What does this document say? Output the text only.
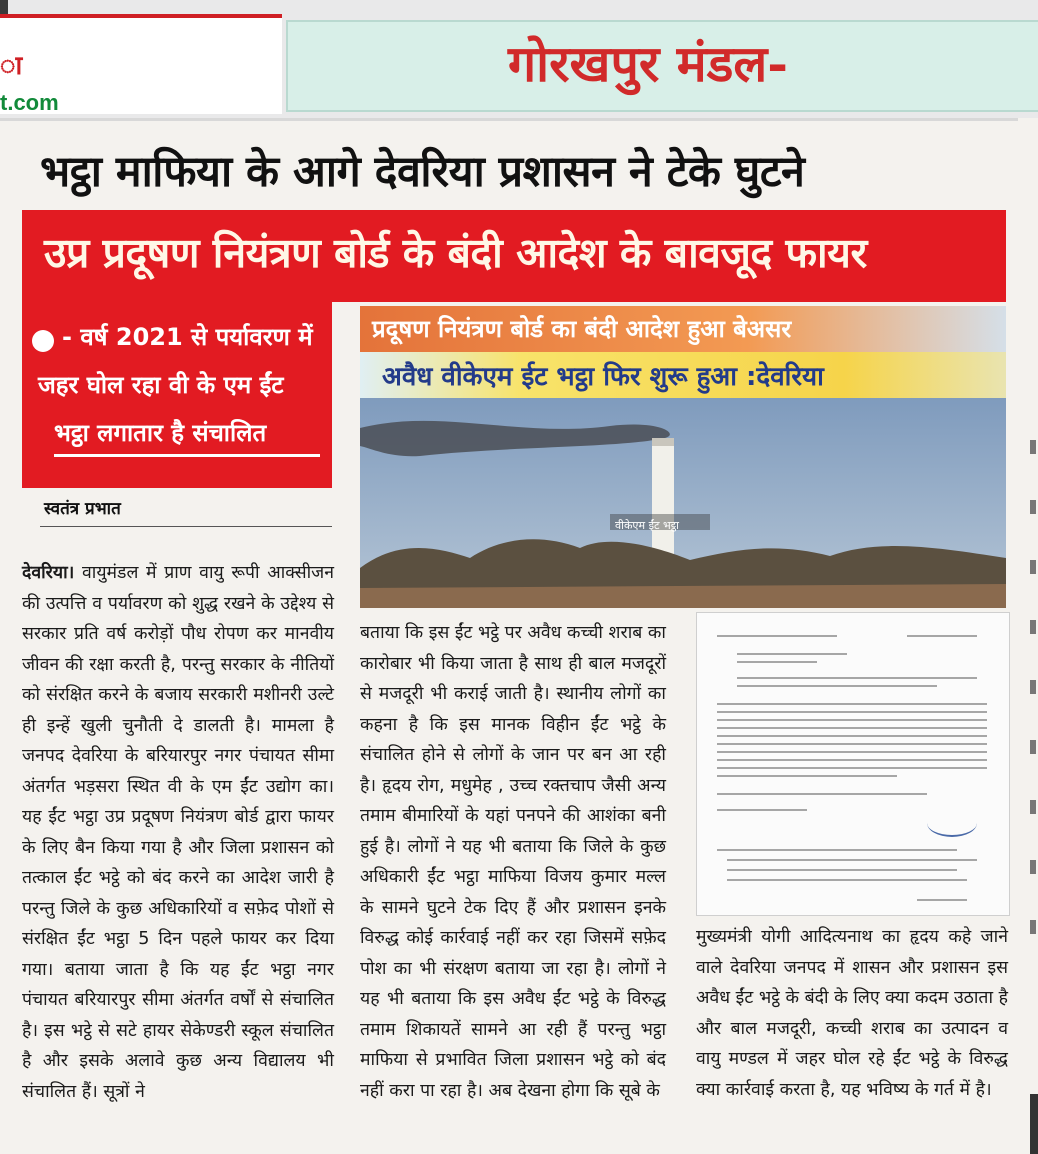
ा
t.com
गोरखपुर मंडल-
भट्ठा माफिया के आगे देवरिया प्रशासन ने टेके घुटने
उप्र प्रदूषण नियंत्रण बोर्ड के बंदी आदेश के बावजूद फायर
- वर्ष 2021 से पर्यावरण में
जहर घोल रहा वी के एम ईंट
भट्ठा लगातार है संचालित
स्वतंत्र प्रभात
प्रदूषण नियंत्रण बोर्ड का बंदी आदेश हुआ बेअसर
अवैध वीकेएम ईट भट्ठा फिर शुरू हुआ :देवरिया
वीकेएम ईंट भट्ठा
देवरिया। वायुमंडल में प्राण वायु रूपी आक्सीजन की उत्पत्ति व पर्यावरण को शुद्ध रखने के उद्देश्य से सरकार प्रति वर्ष करोड़ों पौध रोपण कर मानवीय जीवन की रक्षा करती है, परन्तु सरकार के नीतियों को संरक्षित करने के बजाय सरकारी मशीनरी उल्टे ही इन्हें खुली चुनौती दे डालती है। मामला है जनपद देवरिया के बरियारपुर नगर पंचायत सीमा अंतर्गत भड़सरा स्थित वी के एम ईंट उद्योग का। यह ईंट भट्ठा उप्र प्रदूषण नियंत्रण बोर्ड द्वारा फायर के लिए बैन किया गया है और जिला प्रशासन को तत्काल ईंट भट्ठे को बंद करने का आदेश जारी है परन्तु जिले के कुछ अधिकारियों व सफ़ेद पोशों से संरक्षित ईंट भट्ठा 5 दिन पहले फायर कर दिया गया। बताया जाता है कि यह ईंट भट्ठा नगर पंचायत बरियारपुर सीमा अंतर्गत वर्षों से संचालित है। इस भट्ठे से सटे हायर सेकेण्डरी स्कूल संचालित है और इसके अलावे कुछ अन्य विद्यालय भी संचालित हैं। सूत्रों ने
बताया कि इस ईंट भट्ठे पर अवैध कच्ची शराब का कारोबार भी किया जाता है साथ ही बाल मजदूरों से मजदूरी भी कराई जाती है। स्थानीय लोगों का कहना है कि इस मानक विहीन ईंट भट्ठे के संचालित होने से लोगों के जान पर बन आ रही है। हृदय रोग, मधुमेह , उच्च रक्तचाप जैसी अन्य तमाम बीमारियों के यहां पनपने की आशंका बनी हुई है। लोगों ने यह भी बताया कि जिले के कुछ अधिकारी ईंट भट्ठा माफिया विजय कुमार मल्ल के सामने घुटने टेक दिए हैं और प्रशासन इनके विरुद्ध कोई कार्रवाई नहीं कर रहा जिसमें सफ़ेद पोश का भी संरक्षण बताया जा रहा है। लोगों ने यह भी बताया कि इस अवैध ईंट भट्ठे के विरुद्ध तमाम शिकायतें सामने आ रही हैं परन्तु भट्ठा माफिया से प्रभावित जिला प्रशासन भट्ठे को बंद नहीं करा पा रहा है। अब देखना होगा कि सूबे के
मुख्यमंत्री योगी आदित्यनाथ का हृदय कहे जाने वाले देवरिया जनपद में शासन और प्रशासन इस अवैध ईंट भट्ठे के बंदी के लिए क्या कदम उठाता है और बाल मजदूरी, कच्ची शराब का उत्पादन व वायु मण्डल में जहर घोल रहे ईंट भट्ठे के विरुद्ध क्या कार्रवाई करता है, यह भविष्य के गर्त में है।
